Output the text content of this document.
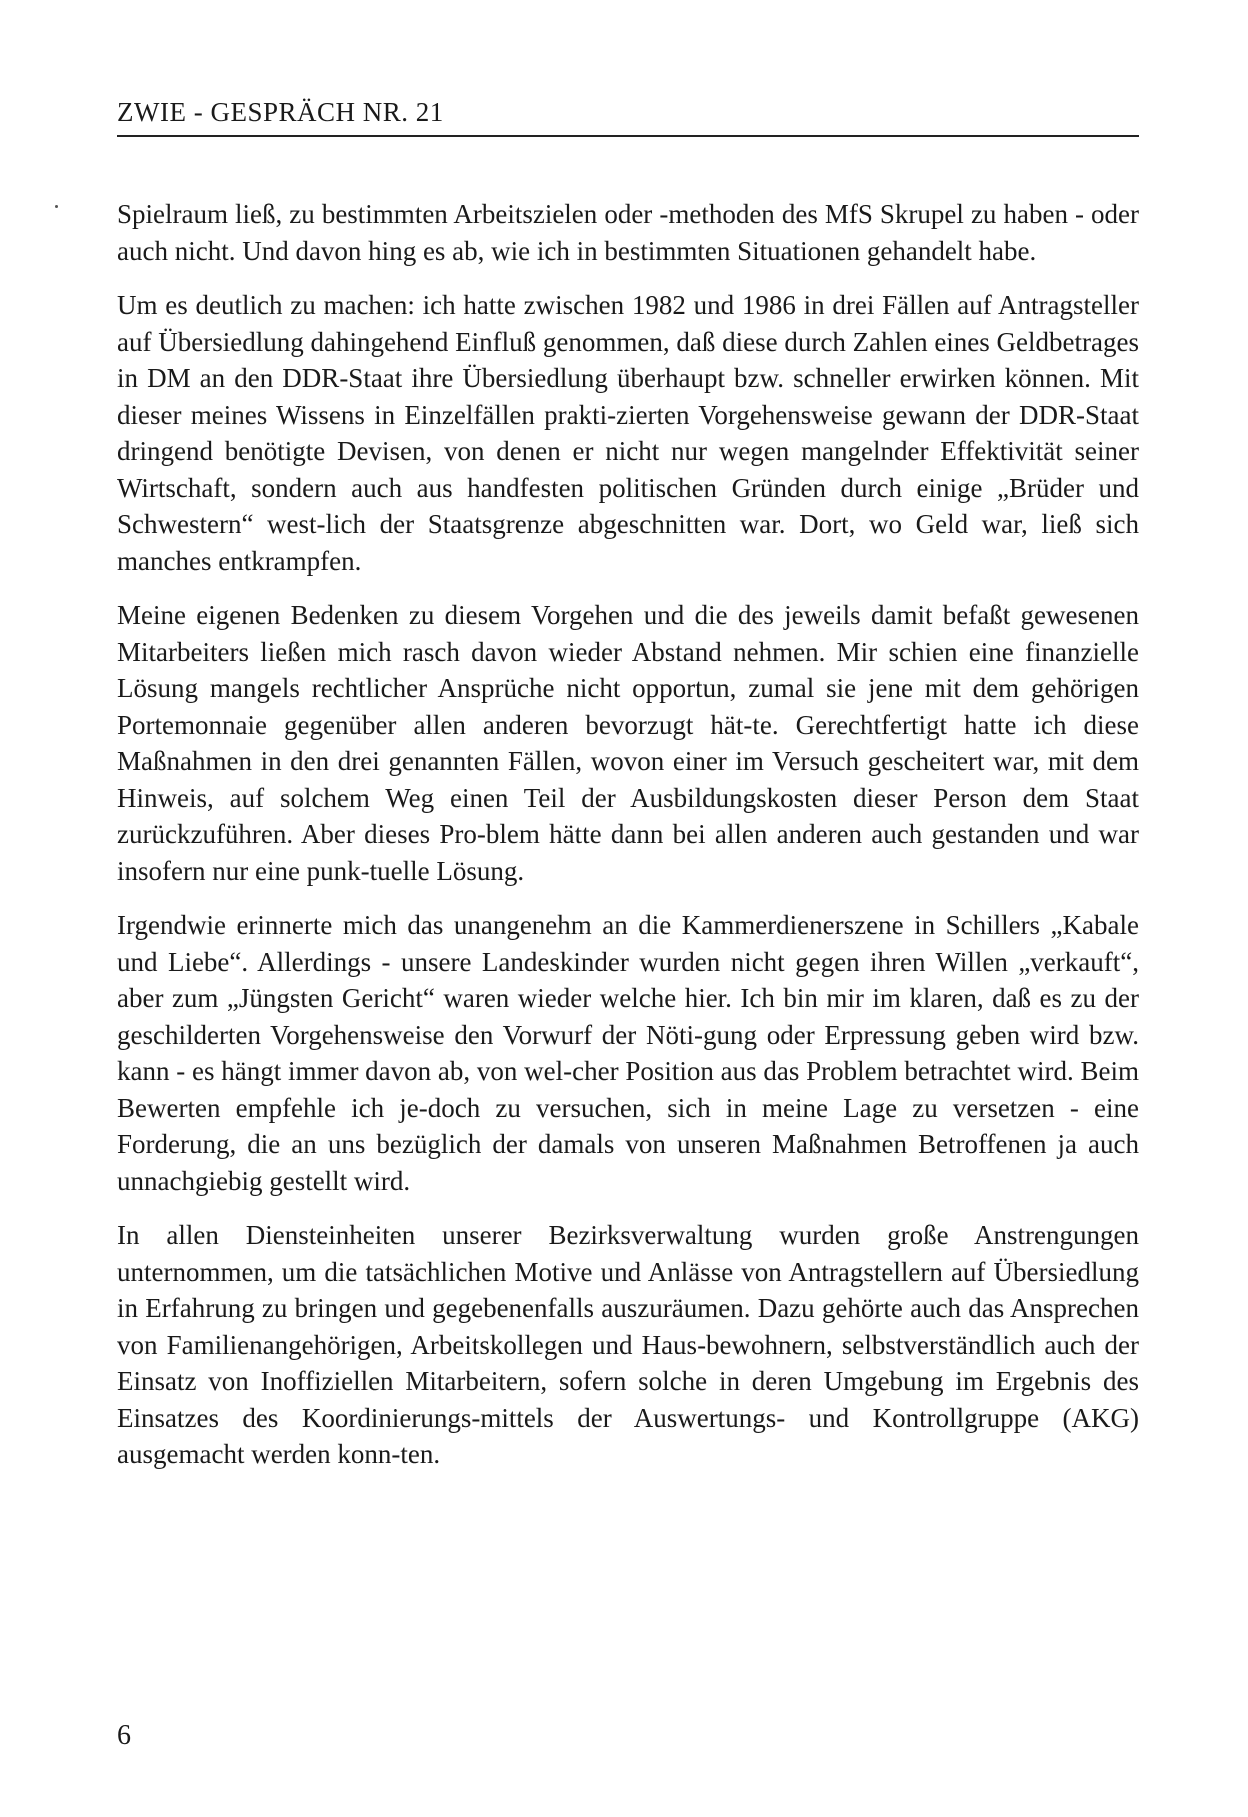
ZWIE - GESPRÄCH NR. 21

Spielraum ließ, zu bestimmten Arbeitszielen oder -methoden des MfS Skrupel zu haben - oder auch nicht. Und davon hing es ab, wie ich in bestimmten Situationen gehandelt habe.

Um es deutlich zu machen: ich hatte zwischen 1982 und 1986 in drei Fällen auf Antragsteller auf Übersiedlung dahingehend Einfluß genommen, daß diese durch Zahlen eines Geldbetrages in DM an den DDR-Staat ihre Übersiedlung überhaupt bzw. schneller erwirken können. Mit dieser meines Wissens in Einzelfällen prakti-zierten Vorgehensweise gewann der DDR-Staat dringend benötigte Devisen, von denen er nicht nur wegen mangelnder Effektivität seiner Wirtschaft, sondern auch aus handfesten politischen Gründen durch einige „Brüder und Schwestern“ west-lich der Staatsgrenze abgeschnitten war. Dort, wo Geld war, ließ sich manches entkrampfen.

Meine eigenen Bedenken zu diesem Vorgehen und die des jeweils damit befaßt gewesenen Mitarbeiters ließen mich rasch davon wieder Abstand nehmen. Mir schien eine finanzielle Lösung mangels rechtlicher Ansprüche nicht opportun, zumal sie jene mit dem gehörigen Portemonnaie gegenüber allen anderen bevorzugt hät-te. Gerechtfertigt hatte ich diese Maßnahmen in den drei genannten Fällen, wovon einer im Versuch gescheitert war, mit dem Hinweis, auf solchem Weg einen Teil der Ausbildungskosten dieser Person dem Staat zurückzuführen. Aber dieses Pro-blem hätte dann bei allen anderen auch gestanden und war insofern nur eine punk-tuelle Lösung.

Irgendwie erinnerte mich das unangenehm an die Kammerdienerszene in Schillers „Kabale und Liebe“. Allerdings - unsere Landeskinder wurden nicht gegen ihren Willen „verkauft“, aber zum „Jüngsten Gericht“ waren wieder welche hier. Ich bin mir im klaren, daß es zu der geschilderten Vorgehensweise den Vorwurf der Nöti-gung oder Erpressung geben wird bzw. kann - es hängt immer davon ab, von wel-cher Position aus das Problem betrachtet wird. Beim Bewerten empfehle ich je-doch zu versuchen, sich in meine Lage zu versetzen - eine Forderung, die an uns bezüglich der damals von unseren Maßnahmen Betroffenen ja auch unnachgiebig gestellt wird.

In allen Diensteinheiten unserer Bezirksverwaltung wurden große Anstrengungen unternommen, um die tatsächlichen Motive und Anlässe von Antragstellern auf Übersiedlung in Erfahrung zu bringen und gegebenenfalls auszuräumen. Dazu gehörte auch das Ansprechen von Familienangehörigen, Arbeitskollegen und Haus-bewohnern, selbstverständlich auch der Einsatz von Inoffiziellen Mitarbeitern, sofern solche in deren Umgebung im Ergebnis des Einsatzes des Koordinierungs-mittels der Auswertungs- und Kontrollgruppe (AKG) ausgemacht werden konn-ten.

6
